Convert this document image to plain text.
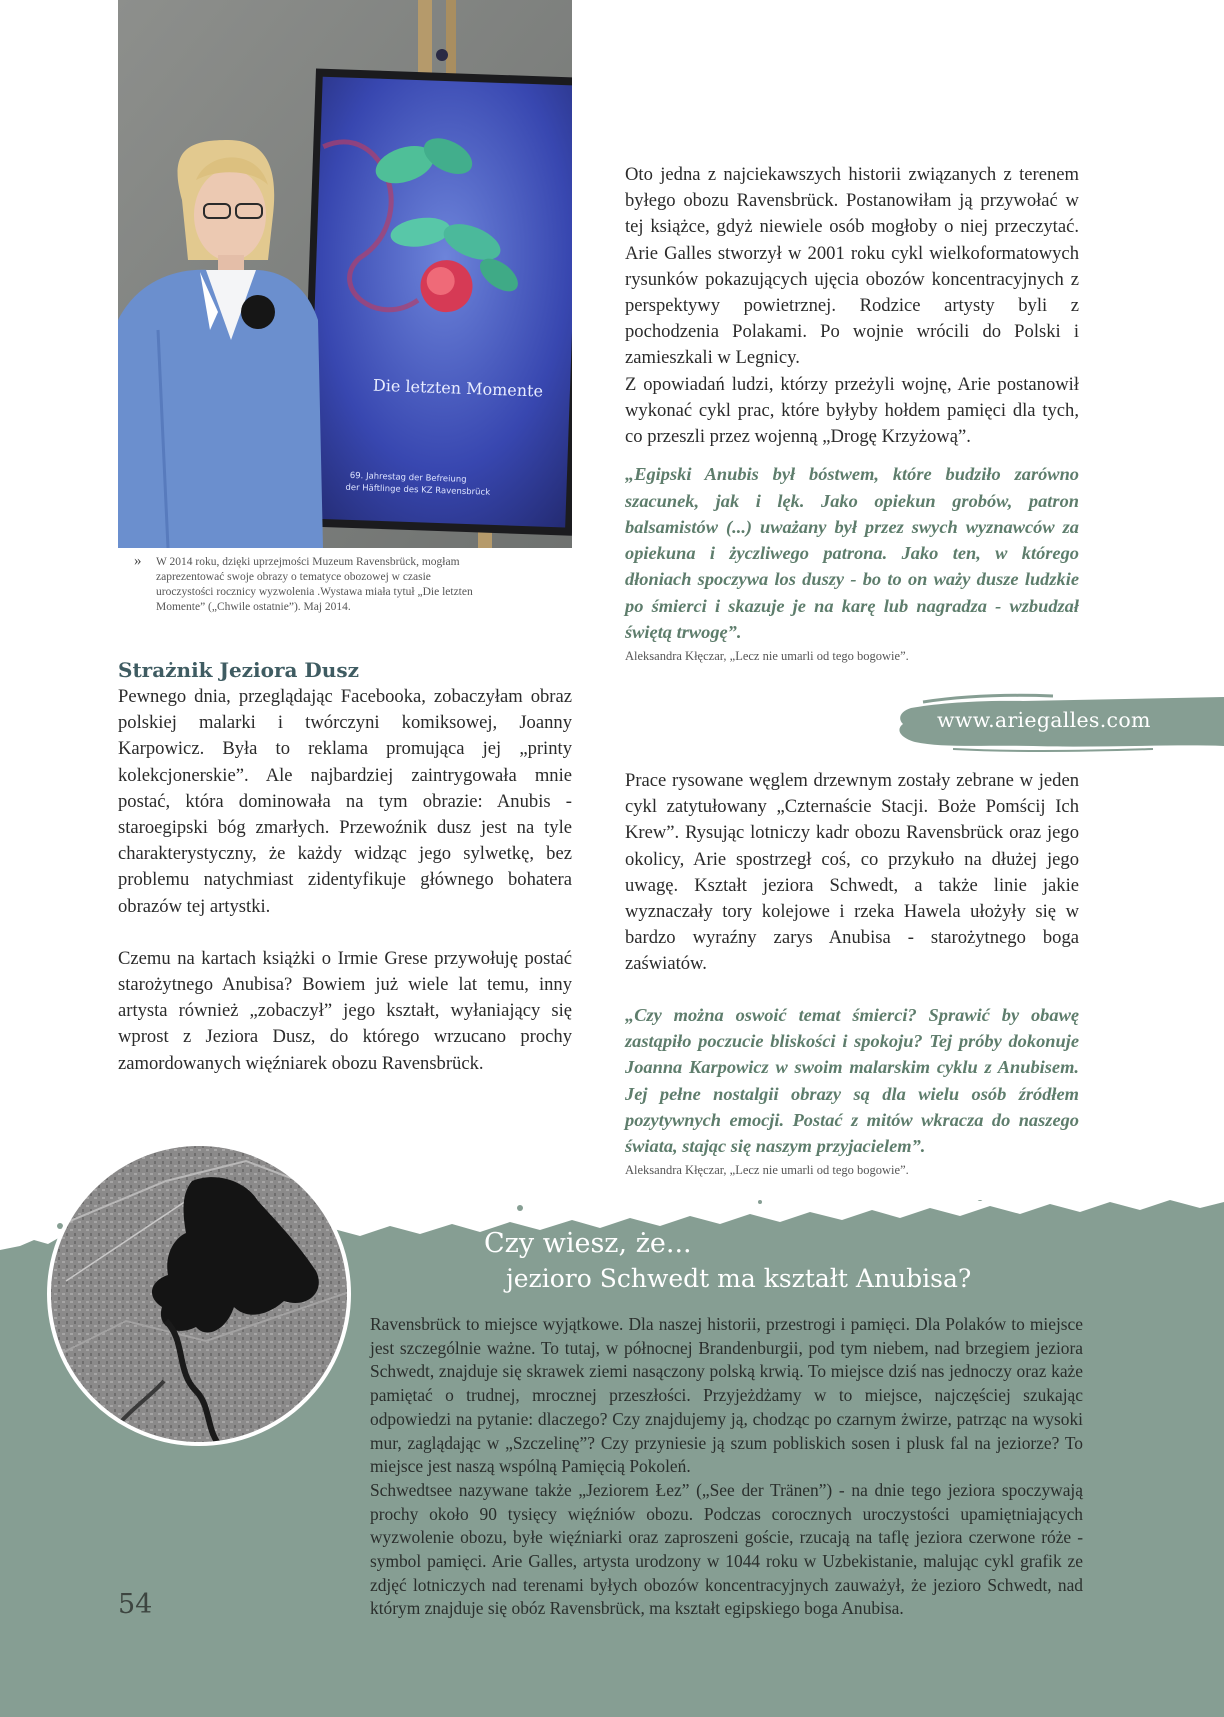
Die letzten Momente
69. Jahrestag der Befreiung
der Häftlinge des KZ Ravensbrück
»	W 2014 roku, dzięki uprzejmości Muzeum Ravensbrück, mogłam zaprezentować swoje obrazy o tematyce obozowej w czasie uroczystości rocznicy wyzwolenia .Wystawa miała tytuł „Die letzten Momente” („Chwile ostatnie”). Maj 2014.

Strażnik Jeziora Dusz

Pewnego dnia, przeglądając Facebooka, zobaczyłam obraz polskiej malarki i twórczyni komiksowej, Joanny Karpowicz. Była to reklama promująca jej „printy kolekcjonerskie”. Ale najbardziej zaintrygowała mnie postać, która dominowała na tym obrazie: Anubis - staroegipski bóg zmarłych. Przewoźnik dusz jest na tyle charakterystyczny, że każdy widząc jego sylwetkę, bez problemu natychmiast zidentyfikuje głównego bohatera obrazów tej artystki.

Czemu na kartach książki o Irmie Grese przywołuję postać starożytnego Anubisa? Bowiem już wiele lat temu, inny artysta również „zobaczył” jego kształt, wyłaniający się wprost z Jeziora Dusz, do którego wrzucano prochy zamordowanych więźniarek obozu Ravensbrück.

Oto jedna z najciekawszych historii związanych z terenem byłego obozu Ravensbrück. Postanowiłam ją przywołać w tej książce, gdyż niewiele osób mogłoby o niej przeczytać. Arie Galles stworzył w 2001 roku cykl wielkoformatowych rysunków pokazujących ujęcia obozów koncentracyjnych z perspektywy powietrznej. Rodzice artysty byli z pochodzenia Polakami. Po wojnie wrócili do Polski i zamieszkali w Legnicy.

Z opowiadań ludzi, którzy przeżyli wojnę, Arie postanowił wykonać cykl prac, które byłyby hołdem pamięci dla tych, co przeszli przez wojenną „Drogę Krzyżową”.

„Egipski Anubis był bóstwem, które budziło zarówno szacunek, jak i lęk. Jako opiekun grobów, patron balsamistów (...) uważany był przez swych wyznawców za opiekuna i życzliwego patrona. Jako ten, w którego dłoniach spoczywa los duszy - bo to on waży dusze ludzkie po śmierci i skazuje je na karę lub nagradza - wzbudzał świętą trwogę”.

Aleksandra Kłęczar, „Lecz nie umarli od tego bogowie”.

www.ariegalles.com

Prace rysowane węglem drzewnym zostały zebrane w jeden cykl zatytułowany „Czternaście Stacji. Boże Pomścij Ich Krew”. Rysując lotniczy kadr obozu Ravensbrück oraz jego okolicy, Arie spostrzegł coś, co przykuło na dłużej jego uwagę. Kształt jeziora Schwedt, a także linie jakie wyznaczały tory kolejowe i rzeka Hawela ułożyły się w bardzo wyraźny zarys Anubisa - starożytnego boga zaświatów.

„Czy można oswoić temat śmierci? Sprawić by obawę zastąpiło poczucie bliskości i spokoju? Tej próby dokonuje Joanna Karpowicz w swoim malarskim cyklu z Anubisem. Jej pełne nostalgii obrazy są dla wielu osób źródłem pozytywnych emocji. Postać z mitów wkracza do naszego świata, stając się naszym przyjacielem”.

Aleksandra Kłęczar, „Lecz nie umarli od tego bogowie”.

Czy wiesz, że...
jezioro Schwedt ma kształt Anubisa?

Ravensbrück to miejsce wyjątkowe. Dla naszej historii, przestrogi i pamięci. Dla Polaków to miejsce jest szczególnie ważne. To tutaj, w północnej Brandenburgii, pod tym niebem, nad brzegiem jeziora Schwedt, znajduje się skrawek ziemi nasączony polską krwią. To miejsce dziś nas jednoczy oraz każe pamiętać o trudnej, mrocznej przeszłości. Przyjeżdżamy w to miejsce, najczęściej szukając odpowiedzi na pytanie: dlaczego? Czy znajdujemy ją, chodząc po czarnym żwirze, patrząc na wysoki mur, zaglądając w „Szczelinę”? Czy przyniesie ją szum pobliskich sosen i plusk fal na jeziorze? To miejsce jest naszą wspólną Pamięcią Pokoleń.

Schwedtsee nazywane także „Jeziorem Łez” („See der Tränen”) - na dnie tego jeziora spoczywają prochy około 90 tysięcy więźniów obozu. Podczas corocznych uroczystości upamiętniających wyzwolenie obozu, byłe więźniarki oraz zaproszeni goście, rzucają na taflę jeziora czerwone róże - symbol pamięci. Arie Galles, artysta urodzony w 1044 roku w Uzbekistanie, malując cykl grafik ze zdjęć lotniczych nad terenami byłych obozów koncentracyjnych zauważył, że jezioro Schwedt, nad którym znajduje się obóz Ravensbrück, ma kształt egipskiego boga Anubisa.

54
